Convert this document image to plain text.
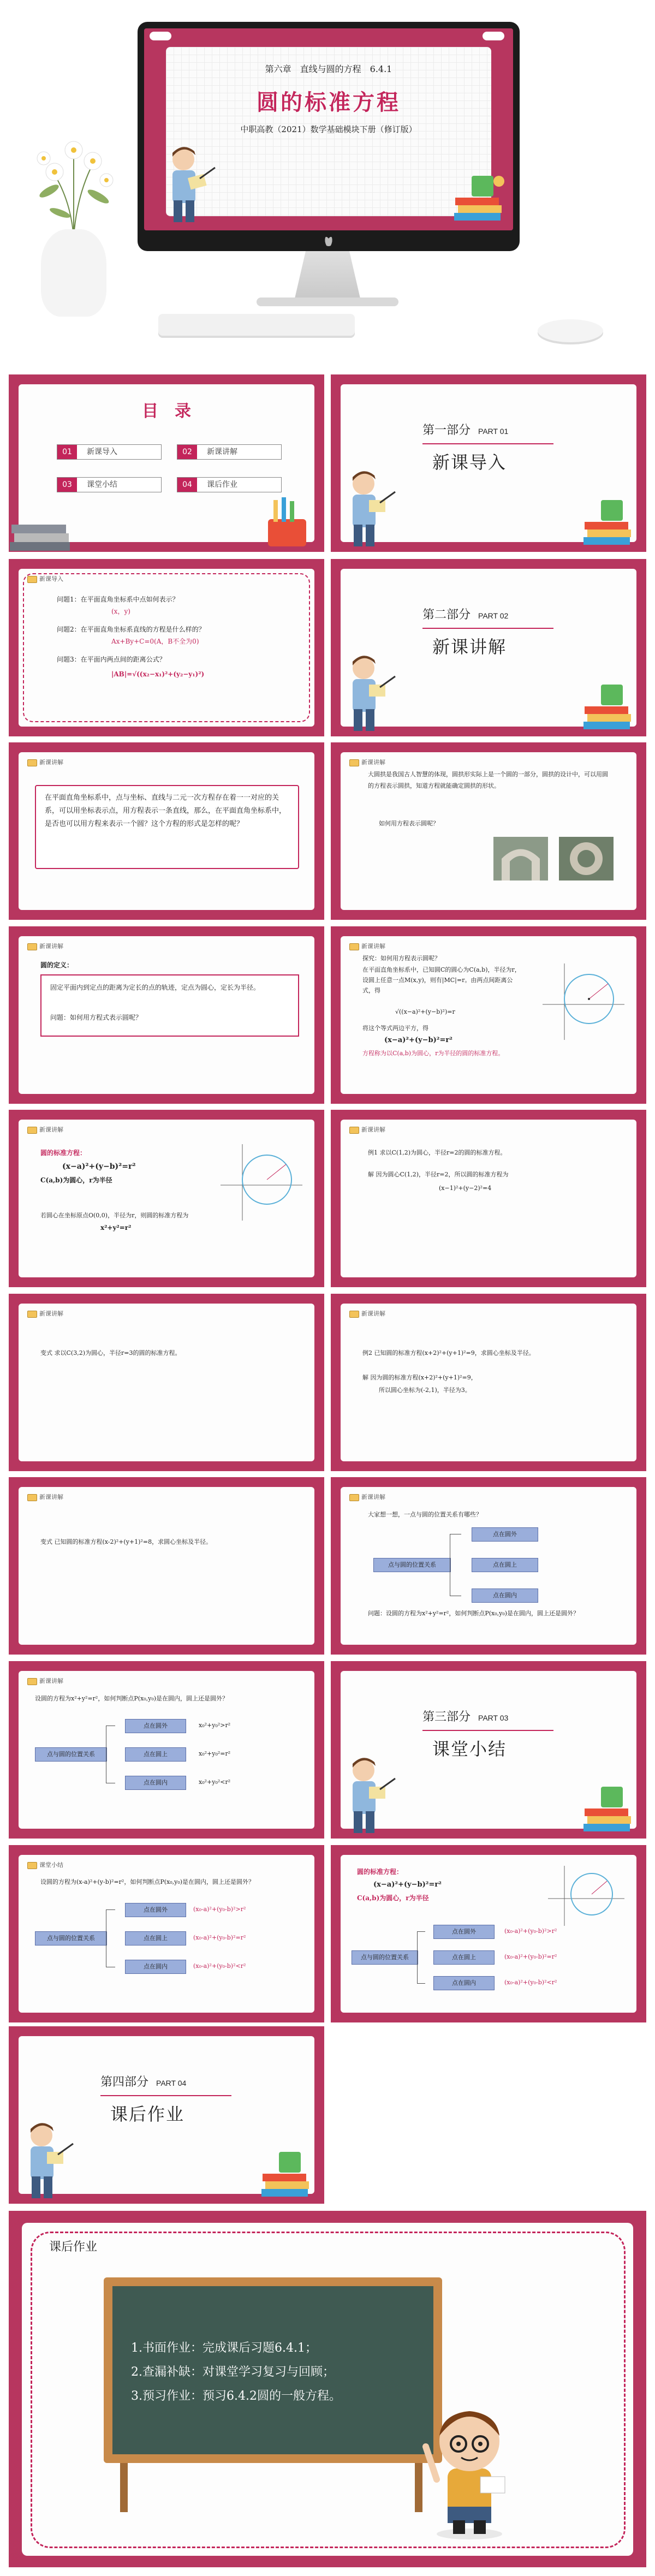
第六章　直线与圆的方程　6.4.1
圆的标准方程
中职高教（2021）数学基础模块下册（修订版）
目　录
01 新课导入	02 新课讲解
03 课堂小结	04 课后作业
第一部分 PART 01
新课导入
新课导入
问题1：在平面直角坐标系中点如何表示？
(x，y)
问题2：在平面直角坐标系直线的方程是什么样的？
Ax+By+C=0(A，B不全为0)
问题3：在平面内两点间的距离公式？
|AB|=√((x₂−x₁)²+(y₂−y₁)²)
第二部分 PART 02
新课讲解
新课讲解
在平面直角坐标系中，点与坐标、直线与二元一次方程存在着一一对应的关系，可以用坐标表示点，用方程表示一条直线，那么，在平面直角坐标系中，是否也可以用方程来表示一个圆？这个方程的形式是怎样的呢？
新课讲解
大圆拱是我国古人智慧的体现，圆拱形实际上是一个圆的一部分，圆拱的设计中，可以用圆的方程表示圆拱，知道方程就能确定圆拱的形状。
如何用方程表示圆呢？
新课讲解
圆的定义：
固定平面内到定点的距离为定长的点的轨迹，定点为圆心，定长为半径。
问题：如何用方程式表示圆呢？
新课讲解
探究：如何用方程表示圆呢？
在平面直角坐标系中，已知圆C的圆心为C(a,b)，半径为r，设圆上任意一点M(x,y)，则有|MC|=r。由两点间距离公式，得
√((x−a)²+(y−b)²)=r
将这个等式两边平方，得
(x−a)²+(y−b)²=r²
方程称为以C(a,b)为圆心，r为半径的圆的标准方程。
新课讲解
圆的标准方程：
(x−a)²+(y−b)²=r²
C(a,b)为圆心，r为半径
若圆心在坐标原点O(0,0)，半径为r，则圆的标准方程为
x²+y²=r²
新课讲解
例1 求以C(1,2)为圆心，半径r=2的圆的标准方程。
解 因为圆心C(1,2)，半径r=2，所以圆的标准方程为
(x−1)²+(y−2)²=4
新课讲解
变式 求以C(3,2)为圆心，半径r=3的圆的标准方程。
新课讲解
例2 已知圆的标准方程(x+2)²+(y+1)²=9，求圆心坐标及半径。
解 因为圆的标准方程(x+2)²+(y+1)²=9，
所以圆心坐标为(-2,1)，半径为3。
新课讲解
变式 已知圆的标准方程(x-2)²+(y+1)²=8，求圆心坐标及半径。
新课讲解
大家想一想，一点与圆的位置关系有哪些？
点与圆的位置关系
点在圆外
点在圆上
点在圆内
问题：设圆的方程为x²+y²=r²，如何判断点P(x₀,y₀)是在圆内，圆上还是圆外？
新课讲解
设圆的方程为x²+y²=r²，如何判断点P(x₀,y₀)是在圆内，圆上还是圆外？
点与圆的位置关系
点在圆外
点在圆上
点在圆内
x₀²+y₀²>r²
x₀²+y₀²=r²
x₀²+y₀²<r²
第三部分 PART 03
课堂小结
课堂小结
设圆的方程为(x-a)²+(y-b)²=r²，如何判断点P(x₀,y₀)是在圆内，圆上还是圆外？
点与圆的位置关系
点在圆外
点在圆上
点在圆内
(x₀-a)²+(y₀-b)²>r²
(x₀-a)²+(y₀-b)²=r²
(x₀-a)²+(y₀-b)²<r²
圆的标准方程：
(x−a)²+(y−b)²=r²
C(a,b)为圆心，r为半径
点与圆的位置关系
点在圆外
点在圆上
点在圆内
(x₀-a)²+(y₀-b)²>r²
(x₀-a)²+(y₀-b)²=r²
(x₀-a)²+(y₀-b)²<r²
第四部分 PART 04
课后作业
课后作业
1.书面作业：完成课后习题6.4.1；
2.查漏补缺：对课堂学习复习与回顾；
3.预习作业：预习6.4.2圆的一般方程。
